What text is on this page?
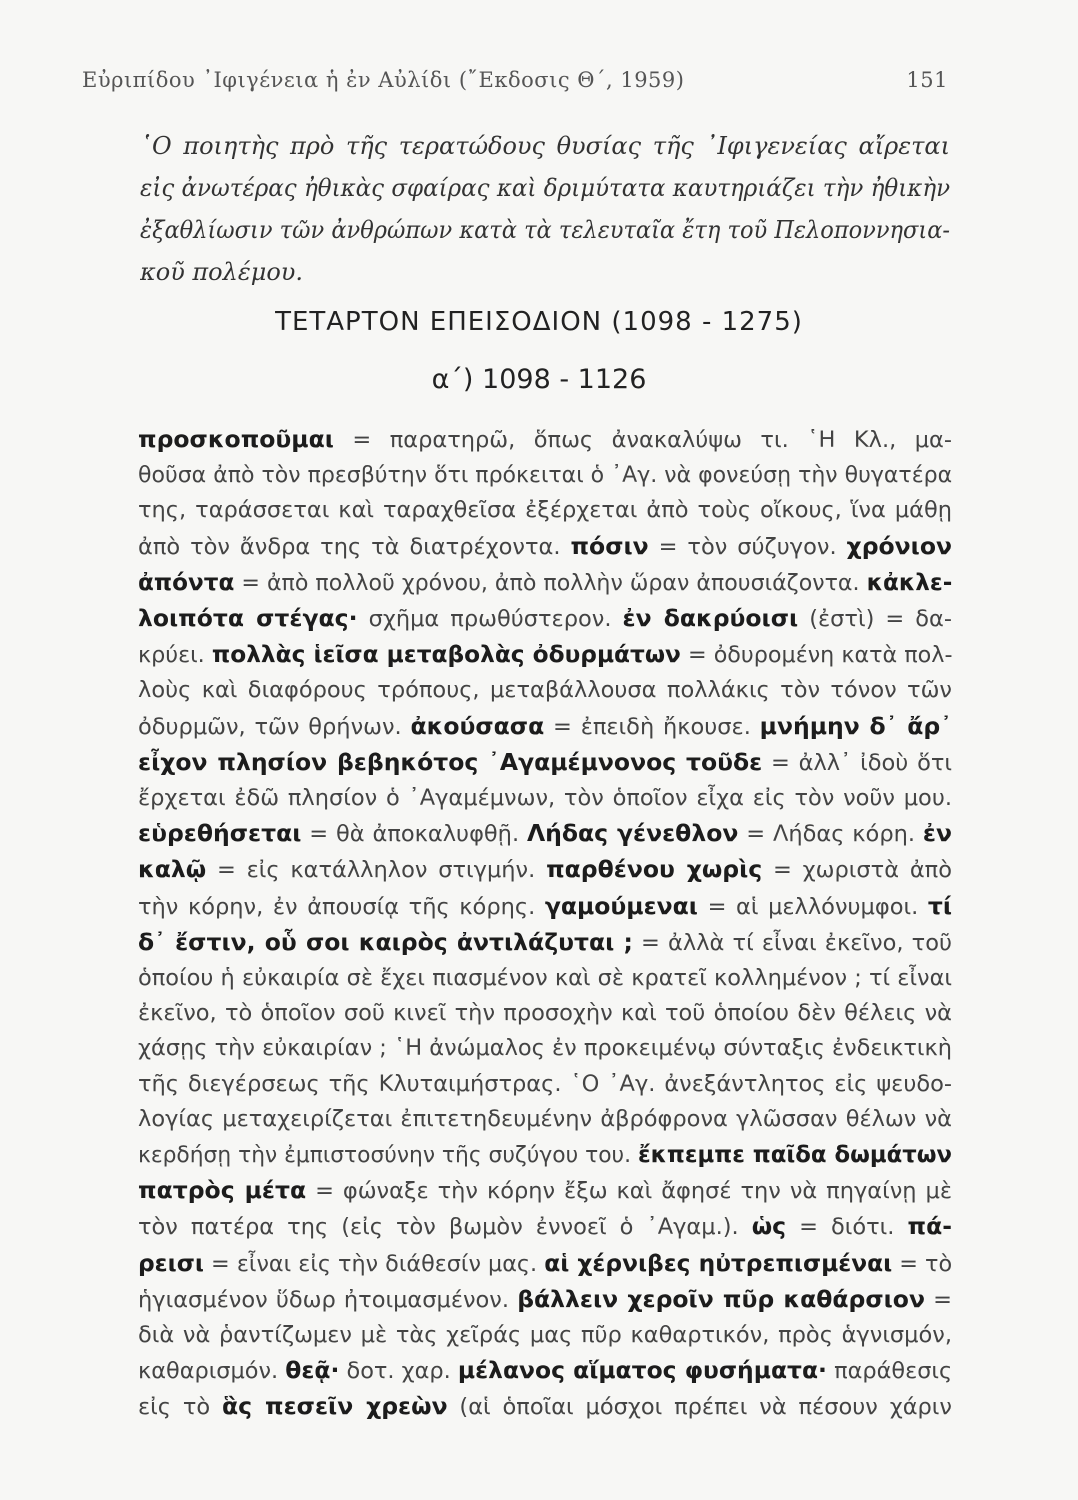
Εὐριπίδου ᾿Ιφιγένεια ἡ ἐν Αὐλίδι (῎Εκδοσις Θ΄, 1959)	151
῾Ο ποιητὴς πρὸ τῆς τερατώδους θυσίας τῆς ᾿Ιφιγενείας αἴρεται
εἰς ἀνωτέρας ἠθικὰς σφαίρας καὶ δριμύτατα καυτηριάζει τὴν ἠθικὴν
ἐξαθλίωσιν τῶν ἀνθρώπων κατὰ τὰ τελευταῖα ἔτη τοῦ Πελοποννησια-
κοῦ πολέμου.
ΤΕΤΑΡΤΟΝ ΕΠΕΙΣΟΔΙΟΝ (1098 - 1275)
α΄) 1098 - 1126
προσκοποῦμαι = παρατηρῶ, ὅπως ἀνακαλύψω τι. ῾Η Κλ., μα-
θοῦσα ἀπὸ τὸν πρεσβύτην ὅτι πρόκειται ὁ ᾿Αγ. νὰ φονεύσῃ τὴν θυγατέρα
της, ταράσσεται καὶ ταραχθεῖσα ἐξέρχεται ἀπὸ τοὺς οἴκους, ἵνα μάθῃ
ἀπὸ τὸν ἄνδρα της τὰ διατρέχοντα. πόσιν = τὸν σύζυγον. χρόνιον
ἀπόντα = ἀπὸ πολλοῦ χρόνου, ἀπὸ πολλὴν ὥραν ἀπουσιάζοντα. κἀκλε-
λοιπότα στέγας· σχῆμα πρωθύστερον. ἐν δακρύοισι (ἐστὶ) = δα-
κρύει. πολλὰς ἱεῖσα μεταβολὰς ὀδυρμάτων = ὀδυρομένη κατὰ πολ-
λοὺς καὶ διαφόρους τρόπους, μεταβάλλουσα πολλάκις τὸν τόνον τῶν
ὀδυρμῶν, τῶν θρήνων. ἀκούσασα = ἐπειδὴ ἤκουσε. μνήμην δ᾿ ἄρ᾿
εἶχον πλησίον βεβηκότος ᾿Αγαμέμνονος τοῦδε = ἀλλ᾿ ἰδοὺ ὅτι
ἔρχεται ἐδῶ πλησίον ὁ ᾿Αγαμέμνων, τὸν ὁποῖον εἶχα εἰς τὸν νοῦν μου.
εὑρεθήσεται = θὰ ἀποκαλυφθῇ. Λήδας γένεθλον = Λήδας κόρη. ἐν
καλῷ = εἰς κατάλληλον στιγμήν. παρθένου χωρὶς = χωριστὰ ἀπὸ
τὴν κόρην, ἐν ἀπουσίᾳ τῆς κόρης. γαμούμεναι = αἱ μελλόνυμφοι. τί
δ᾿ ἔστιν, οὗ σοι καιρὸς ἀντιλάζυται ; = ἀλλὰ τί εἶναι ἐκεῖνο, τοῦ
ὁποίου ἡ εὐκαιρία σὲ ἔχει πιασμένον καὶ σὲ κρατεῖ κολλημένον ; τί εἶναι
ἐκεῖνο, τὸ ὁποῖον σοῦ κινεῖ τὴν προσοχὴν καὶ τοῦ ὁποίου δὲν θέλεις νὰ
χάσῃς τὴν εὐκαιρίαν ; ῾Η ἀνώμαλος ἐν προκειμένῳ σύνταξις ἐνδεικτικὴ
τῆς διεγέρσεως τῆς Κλυταιμήστρας. ῾Ο ᾿Αγ. ἀνεξάντλητος εἰς ψευδο-
λογίας μεταχειρίζεται ἐπιτετηδευμένην ἀβρόφρονα γλῶσσαν θέλων νὰ
κερδήσῃ τὴν ἐμπιστοσύνην τῆς συζύγου του. ἔκπεμπε παῖδα δωμάτων
πατρὸς μέτα = φώναξε τὴν κόρην ἔξω καὶ ἄφησέ την νὰ πηγαίνῃ μὲ
τὸν πατέρα της (εἰς τὸν βωμὸν ἐννοεῖ ὁ ᾿Αγαμ.). ὡς = διότι. πά-
ρεισι = εἶναι εἰς τὴν διάθεσίν μας. αἱ χέρνιβες ηὐτρεπισμέναι = τὸ
ἡγιασμένον ὕδωρ ἠτοιμασμένον. βάλλειν χεροῖν πῦρ καθάρσιον =
διὰ νὰ ῥαντίζωμεν μὲ τὰς χεῖράς μας πῦρ καθαρτικόν, πρὸς ἁγνισμόν,
καθαρισμόν. θεᾷ· δοτ. χαρ. μέλανος αἵματος φυσήματα· παράθεσις
εἰς τὸ ἃς πεσεῖν χρεὼν (αἱ ὁποῖαι μόσχοι πρέπει νὰ πέσουν χάριν
